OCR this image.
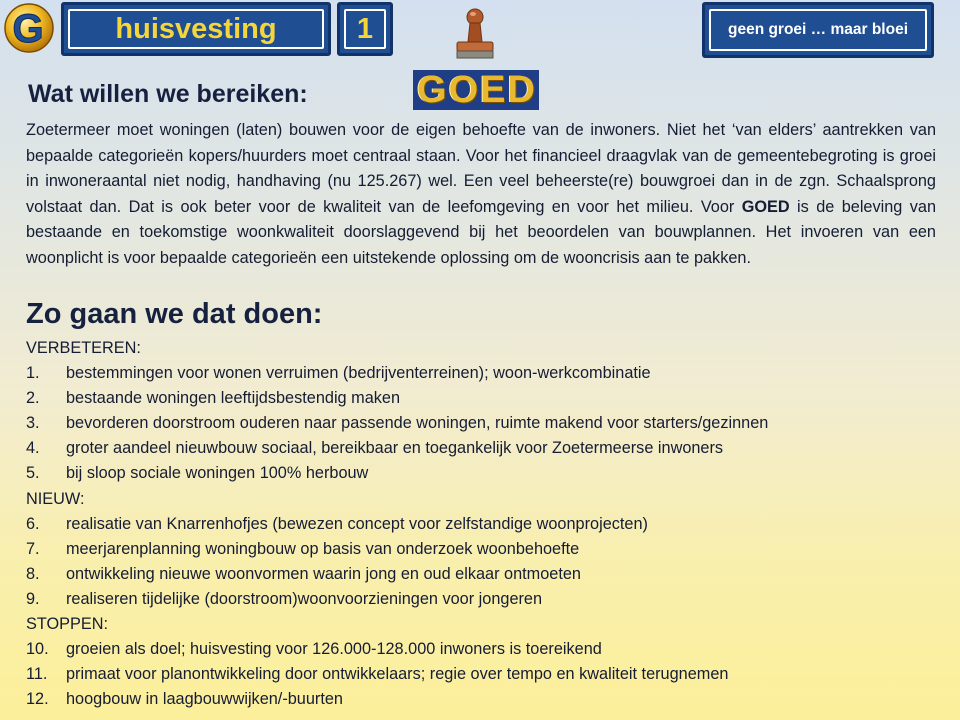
G huisvesting	1
G O E D
geen groei … maar bloei
Wat willen we bereiken:

Zoetermeer moet woningen (laten) bouwen voor de eigen behoefte van de inwoners. Niet het ‘van elders’ aantrekken van bepaalde categorieën kopers/huurders moet centraal staan. Voor het financieel draagvlak van de gemeentebegroting is groei in inwoneraantal niet nodig, handhaving (nu 125.267) wel. Een veel beheerste(re) bouwgroei dan in de zgn. Schaalsprong volstaat dan. Dat is ook beter voor de kwaliteit van de leefomgeving en voor het milieu. Voor GOED is de beleving van bestaande en toekomstige woonkwaliteit doorslaggevend bij het beoordelen van bouwplannen. Het invoeren van een woonplicht is voor bepaalde categorieën een uitstekende oplossing om de wooncrisis aan te pakken.

Zo gaan we dat doen:
VERBETEREN:
1.	bestemmingen voor wonen verruimen (bedrijventerreinen); woon-werkcombinatie
2.	bestaande woningen leeftijdsbestendig maken
3.	bevorderen doorstroom ouderen naar passende woningen, ruimte makend voor starters/gezinnen
4.	groter aandeel nieuwbouw sociaal, bereikbaar en toegankelijk voor Zoetermeerse inwoners
5.	bij sloop sociale woningen 100% herbouw
NIEUW:
6.	realisatie van Knarrenhofjes (bewezen concept voor zelfstandige woonprojecten)
7.	meerjarenplanning woningbouw op basis van onderzoek woonbehoefte
8.	ontwikkeling nieuwe woonvormen waarin jong en oud elkaar ontmoeten
9.	realiseren tijdelijke (doorstroom)woonvoorzieningen voor jongeren
STOPPEN:
10.	groeien als doel; huisvesting voor 126.000-128.000 inwoners is toereikend
11.	primaat voor planontwikkeling door ontwikkelaars; regie over tempo en kwaliteit terugnemen
12.	hoogbouw in laagbouwwijken/-buurten
